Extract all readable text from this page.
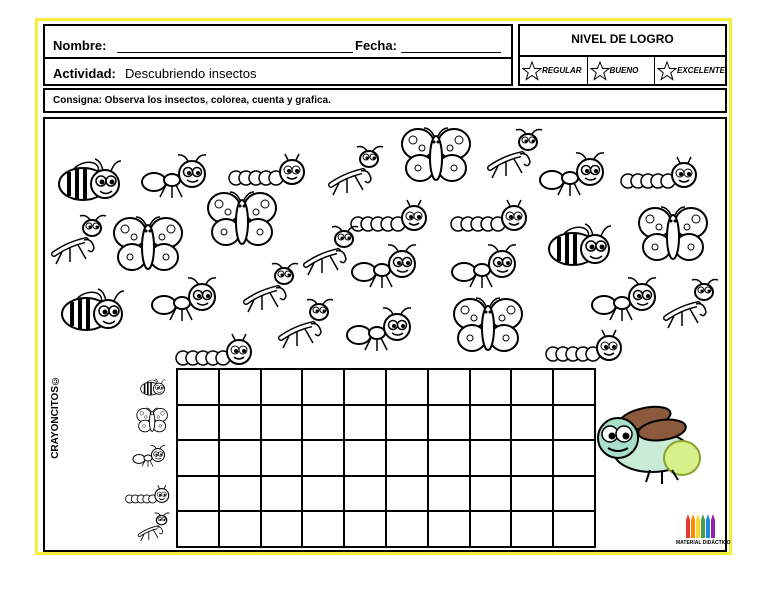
Nombre:	Fecha:
Actividad: Descubriendo insectos
NIVEL DE LOGRO
REGULAR	BUENO	EXCELENTE
Consigna: Observa los insectos, colorea, cuenta y grafica.
CRAYONCITOS©
MATERIAL DIDÁCTICO
